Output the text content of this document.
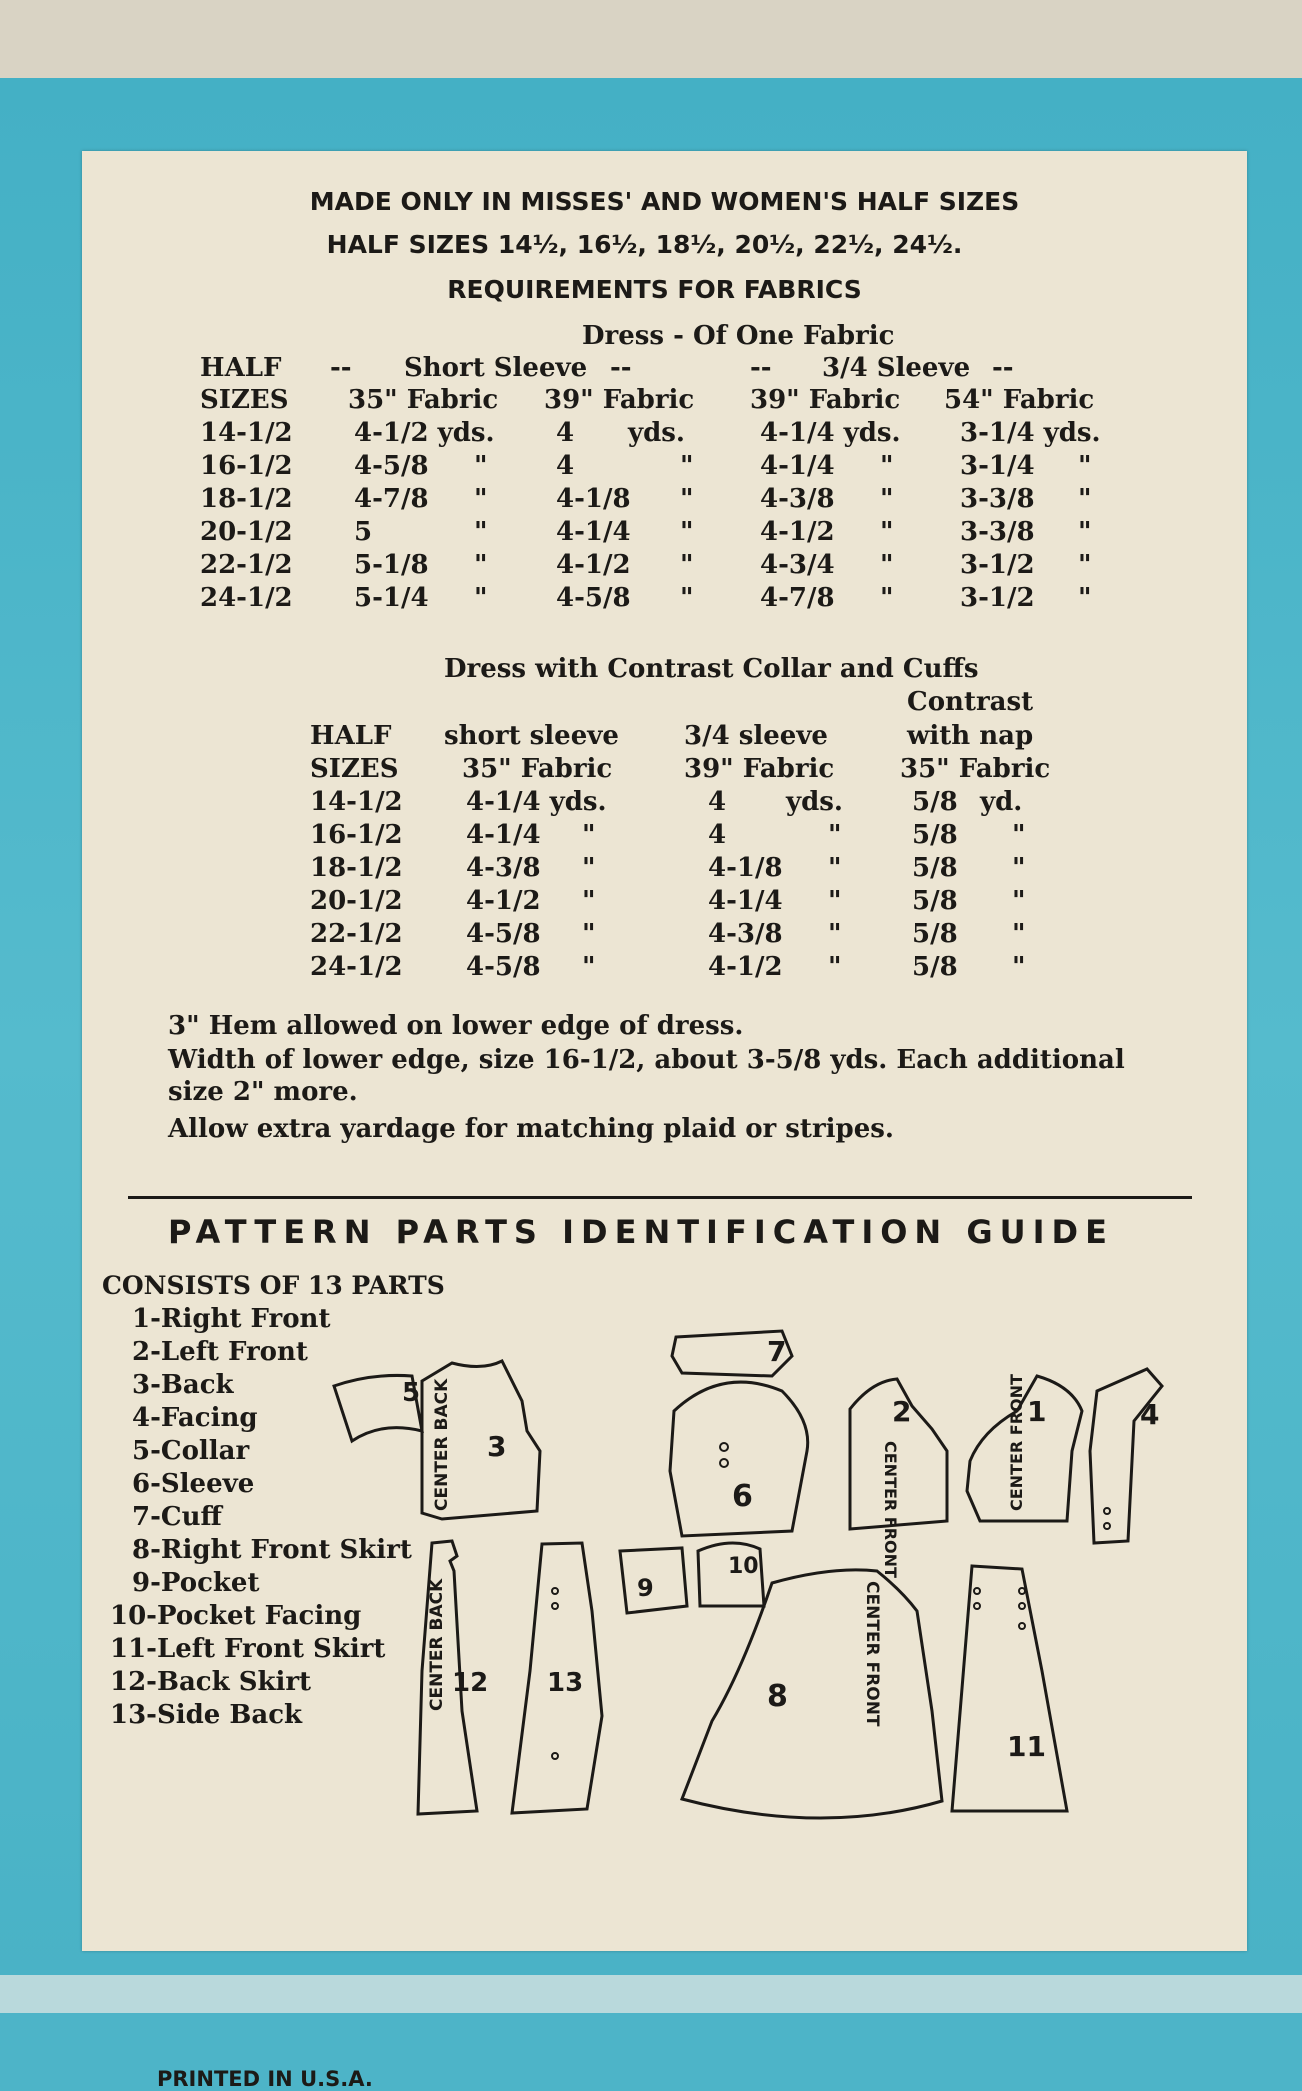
MADE ONLY IN MISSES' AND WOMEN'S HALF SIZES
HALF SIZES 14½, 16½, 18½, 20½, 22½, 24½.
REQUIREMENTS FOR FABRICS
Dress - Of One Fabric
HALF -- Short Sleeve --	-- 3/4 Sleeve --
SIZES 35" Fabric 39" Fabric 39" Fabric 54" Fabric
14-1/2 4-1/2 yds. 4 yds.	4-1/4 yds. 3-1/4 yds.
16-1/2 4-5/8 "	4	"	4-1/4 "	3-1/4 "
18-1/2 4-7/8 "	4-1/8 "	4-3/8 "	3-3/8 "
20-1/2 5	"	4-1/4 "	4-1/2 "	3-3/8 "
22-1/2 5-1/8 "	4-1/2 "	4-3/4 "	3-1/2 "
24-1/2 5-1/4 "	4-5/8 "	4-7/8 "	3-1/2 "
Dress with Contrast Collar and Cuffs
Contrast
HALF short sleeve	3/4 sleeve	with nap
SIZES 35" Fabric	39" Fabric	35" Fabric
14-1/2 4-1/4 yds.	4 yds.	5/8 yd.
16-1/2 4-1/4 "	4	"	5/8 "
18-1/2 4-3/8 "	4-1/8 "	5/8 "
20-1/2 4-1/2 "	4-1/4 "	5/8 "
22-1/2 4-5/8 "	4-3/8 "	5/8 "
24-1/2 4-5/8 "	4-1/2 "	5/8 "
3" Hem allowed on lower edge of dress.
Width of lower edge, size 16-1/2, about 3-5/8 yds. Each additional
size 2" more.
Allow extra yardage for matching plaid or stripes.
PATTERN PARTS IDENTIFICATION GUIDE
CONSISTS OF 13 PARTS
1-Right Front
2-Left Front
3-Back
4-Facing
5-Collar
6-Sleeve
7-Cuff
8-Right Front Skirt
9-Pocket
10-Pocket Facing
11-Left Front Skirt
12-Back Skirt
13-Side Back
5
3
7
6
2	1	4
12 13
9
10
8
11
CENTER BACK
CENTER BACK
CENTER FRONT	CENTER FRONT
CENTER FRONT
PRINTED IN U.S.A.
